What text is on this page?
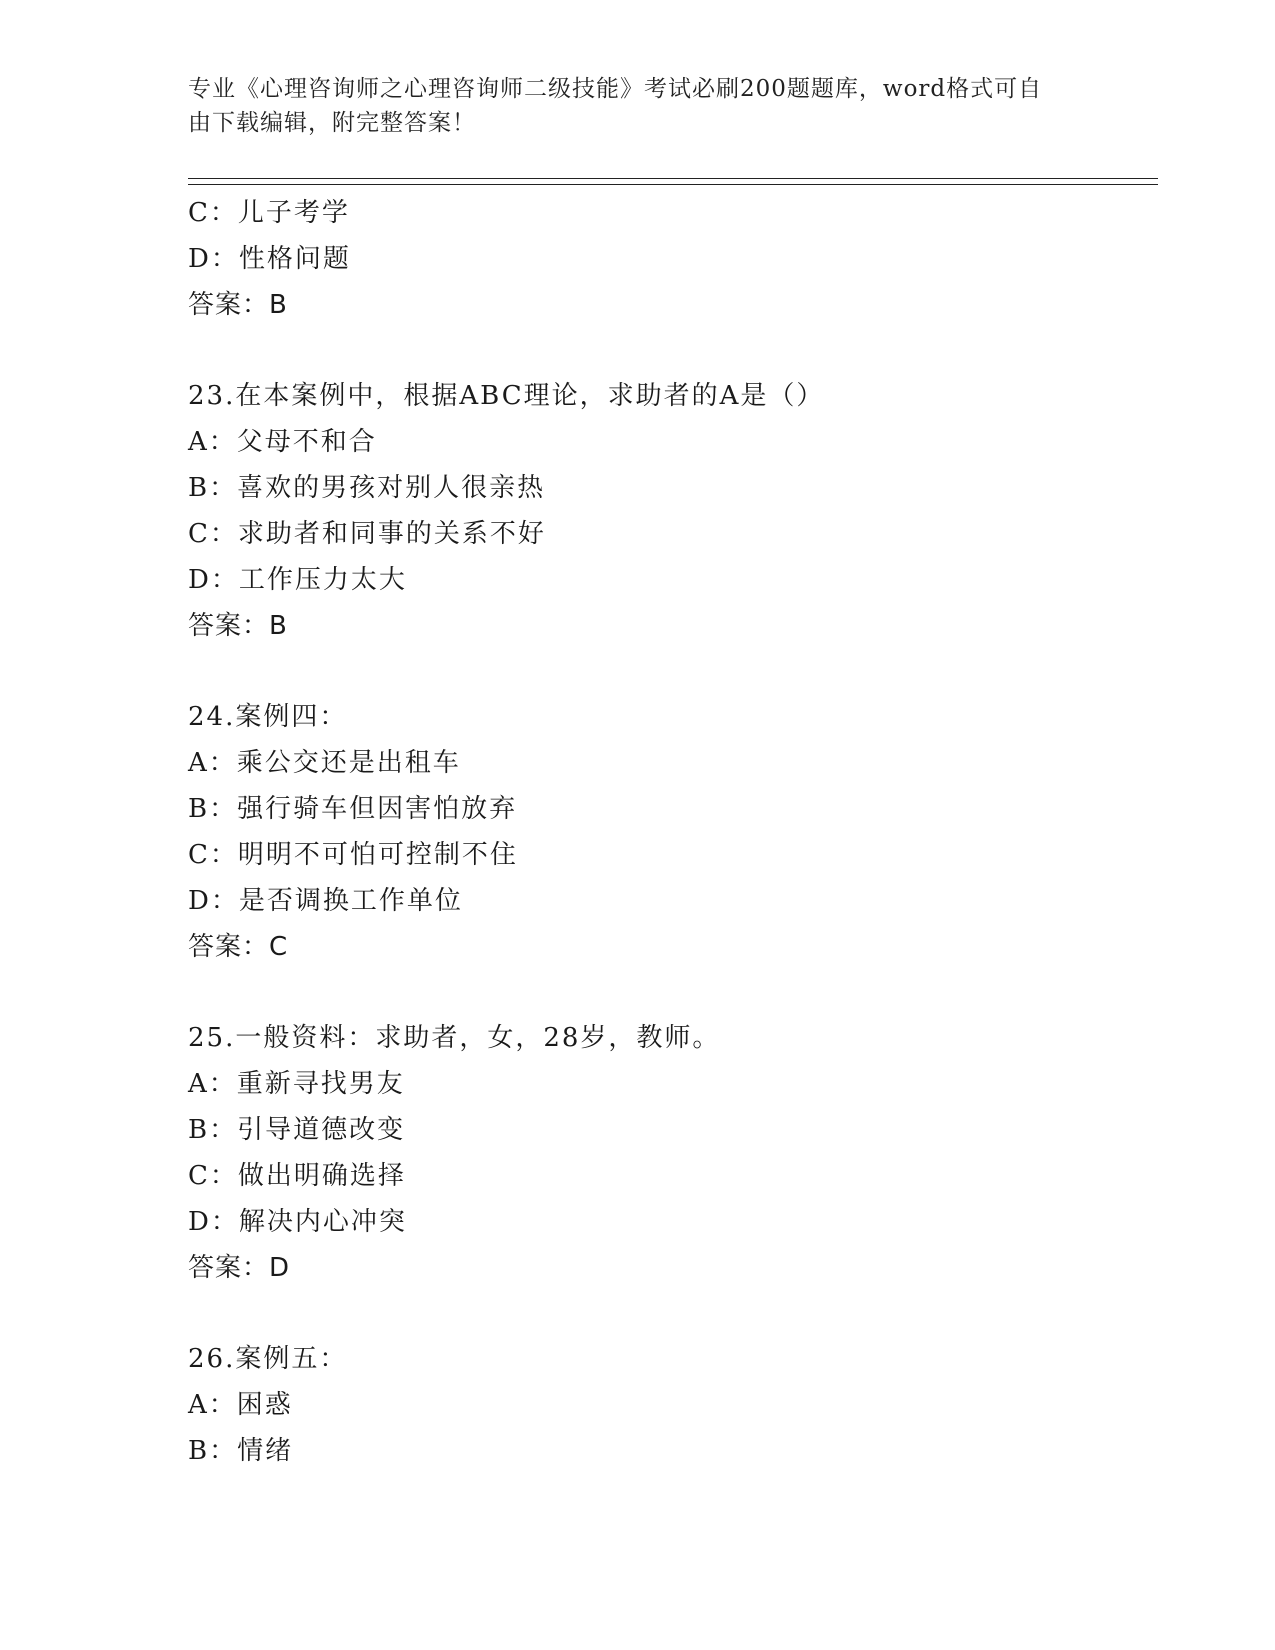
专业《心理咨询师之心理咨询师二级技能》考试必刷200题题库，word格式可自
由下载编辑，附完整答案！
C：儿子考学
D：性格问题
答案：B
23.在本案例中，根据ABC理论，求助者的A是（）
A：父母不和合
B：喜欢的男孩对别人很亲热
C：求助者和同事的关系不好
D：工作压力太大
答案：B
24.案例四：
A：乘公交还是出租车
B：强行骑车但因害怕放弃
C：明明不可怕可控制不住
D：是否调换工作单位
答案：C
25.一般资料：求助者，女，28岁，教师。
A：重新寻找男友
B：引导道德改变
C：做出明确选择
D：解决内心冲突
答案：D
26.案例五：
A：困惑
B：情绪
